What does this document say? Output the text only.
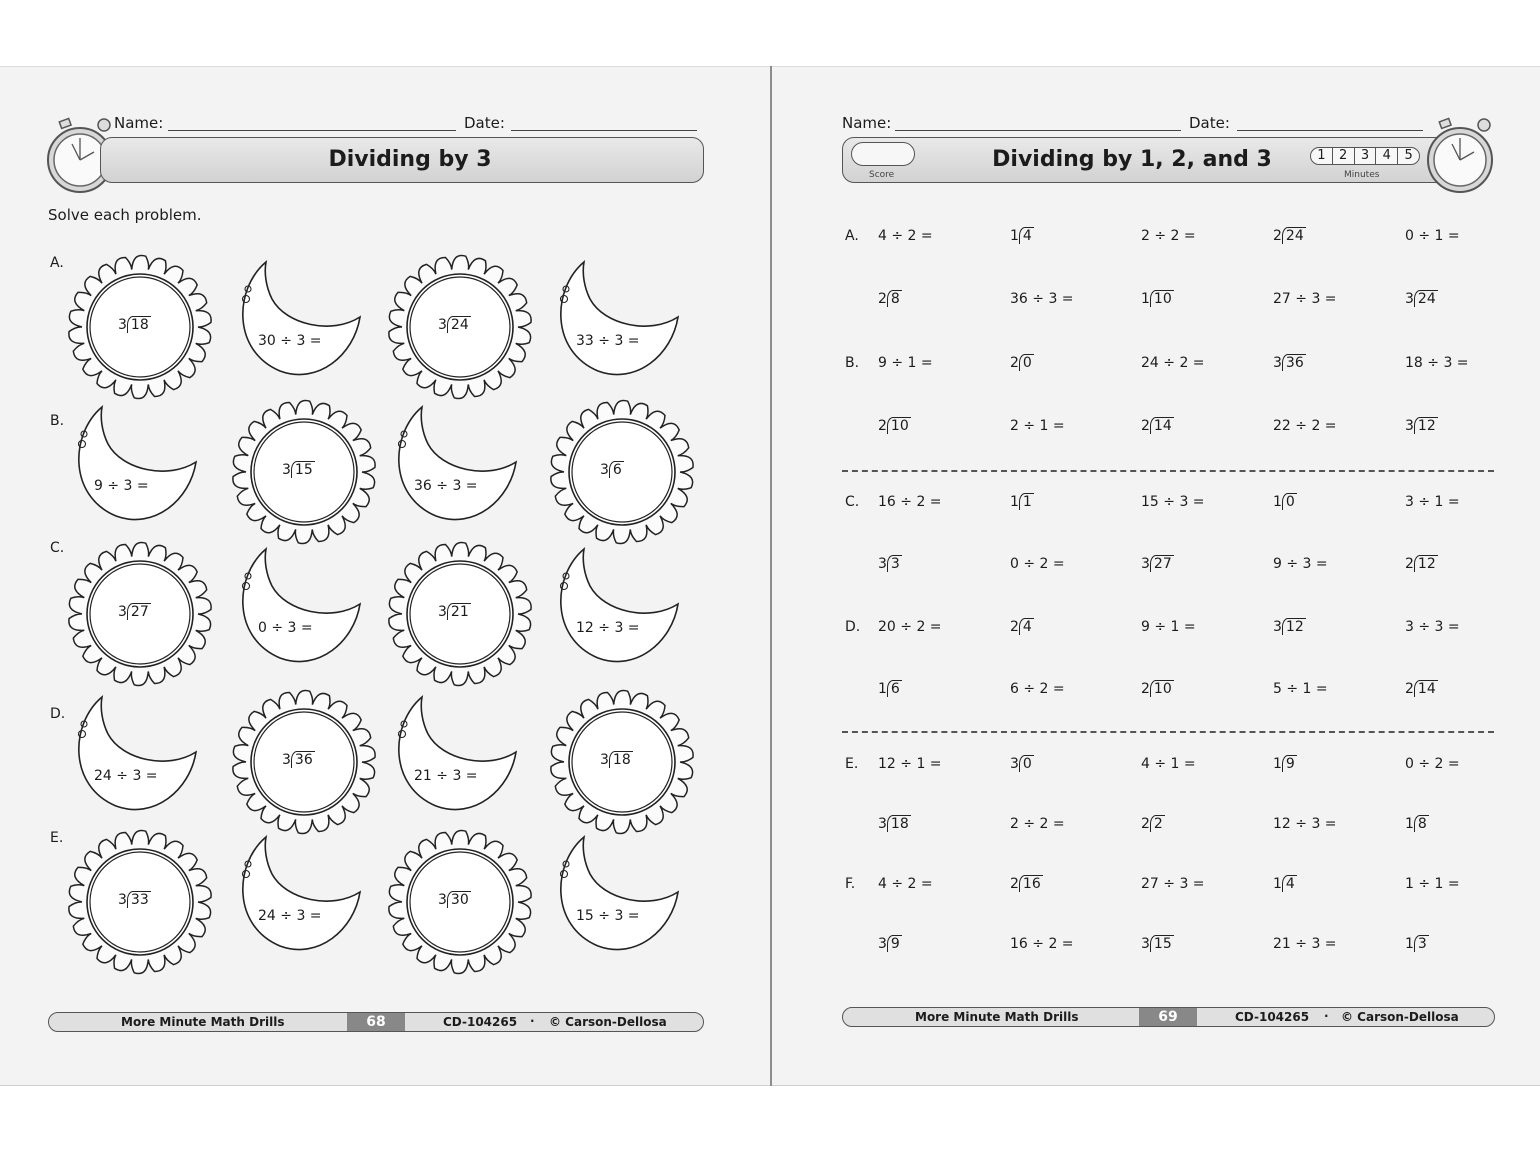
Dividing by 3
Name:	Date:
Solve each problem.
A.
3 18
30 ÷ 3 =
3 24
33 ÷ 3 =
B.
9 ÷ 3 =
3 15
36 ÷ 3 =
3 6
C.
3 27
0 ÷ 3 =
3 21
12 ÷ 3 =
D.
24 ÷ 3 =
3 36
21 ÷ 3 =
3 18
E.
3 33
24 ÷ 3 =
3 30
15 ÷ 3 =
More Minute Math Drills	68	CD-104265 · © Carson-Dellosa
Name:	Date:
Score
Dividing by 1, 2, and 3	1	2	3	4	5
Minutes
A. 4 ÷ 2 =	1 4	2 ÷ 2 =	2 24	0 ÷ 1 =
2 8	36 ÷ 3 =	1 10	27 ÷ 3 =	3 24
B. 9 ÷ 1 =	2 0	24 ÷ 2 =	3 36	18 ÷ 3 =
2 10	2 ÷ 1 =	2 14	22 ÷ 2 =	3 12
C. 16 ÷ 2 =	1 1	15 ÷ 3 =	1 0	3 ÷ 1 =
3 3	0 ÷ 2 =	3 27	9 ÷ 3 =	2 12
D. 20 ÷ 2 =	2 4	9 ÷ 1 =	3 12	3 ÷ 3 =
1 6	6 ÷ 2 =	2 10	5 ÷ 1 =	2 14
E. 12 ÷ 1 =	3 0	4 ÷ 1 =	1 9	0 ÷ 2 =
3 18	2 ÷ 2 =	2 2	12 ÷ 3 =	1 8
F. 4 ÷ 2 =	2 16	27 ÷ 3 =	1 4	1 ÷ 1 =
3 9	16 ÷ 2 =	3 15	21 ÷ 3 =	1 3
More Minute Math Drills	69	CD-104265 · © Carson-Dellosa
